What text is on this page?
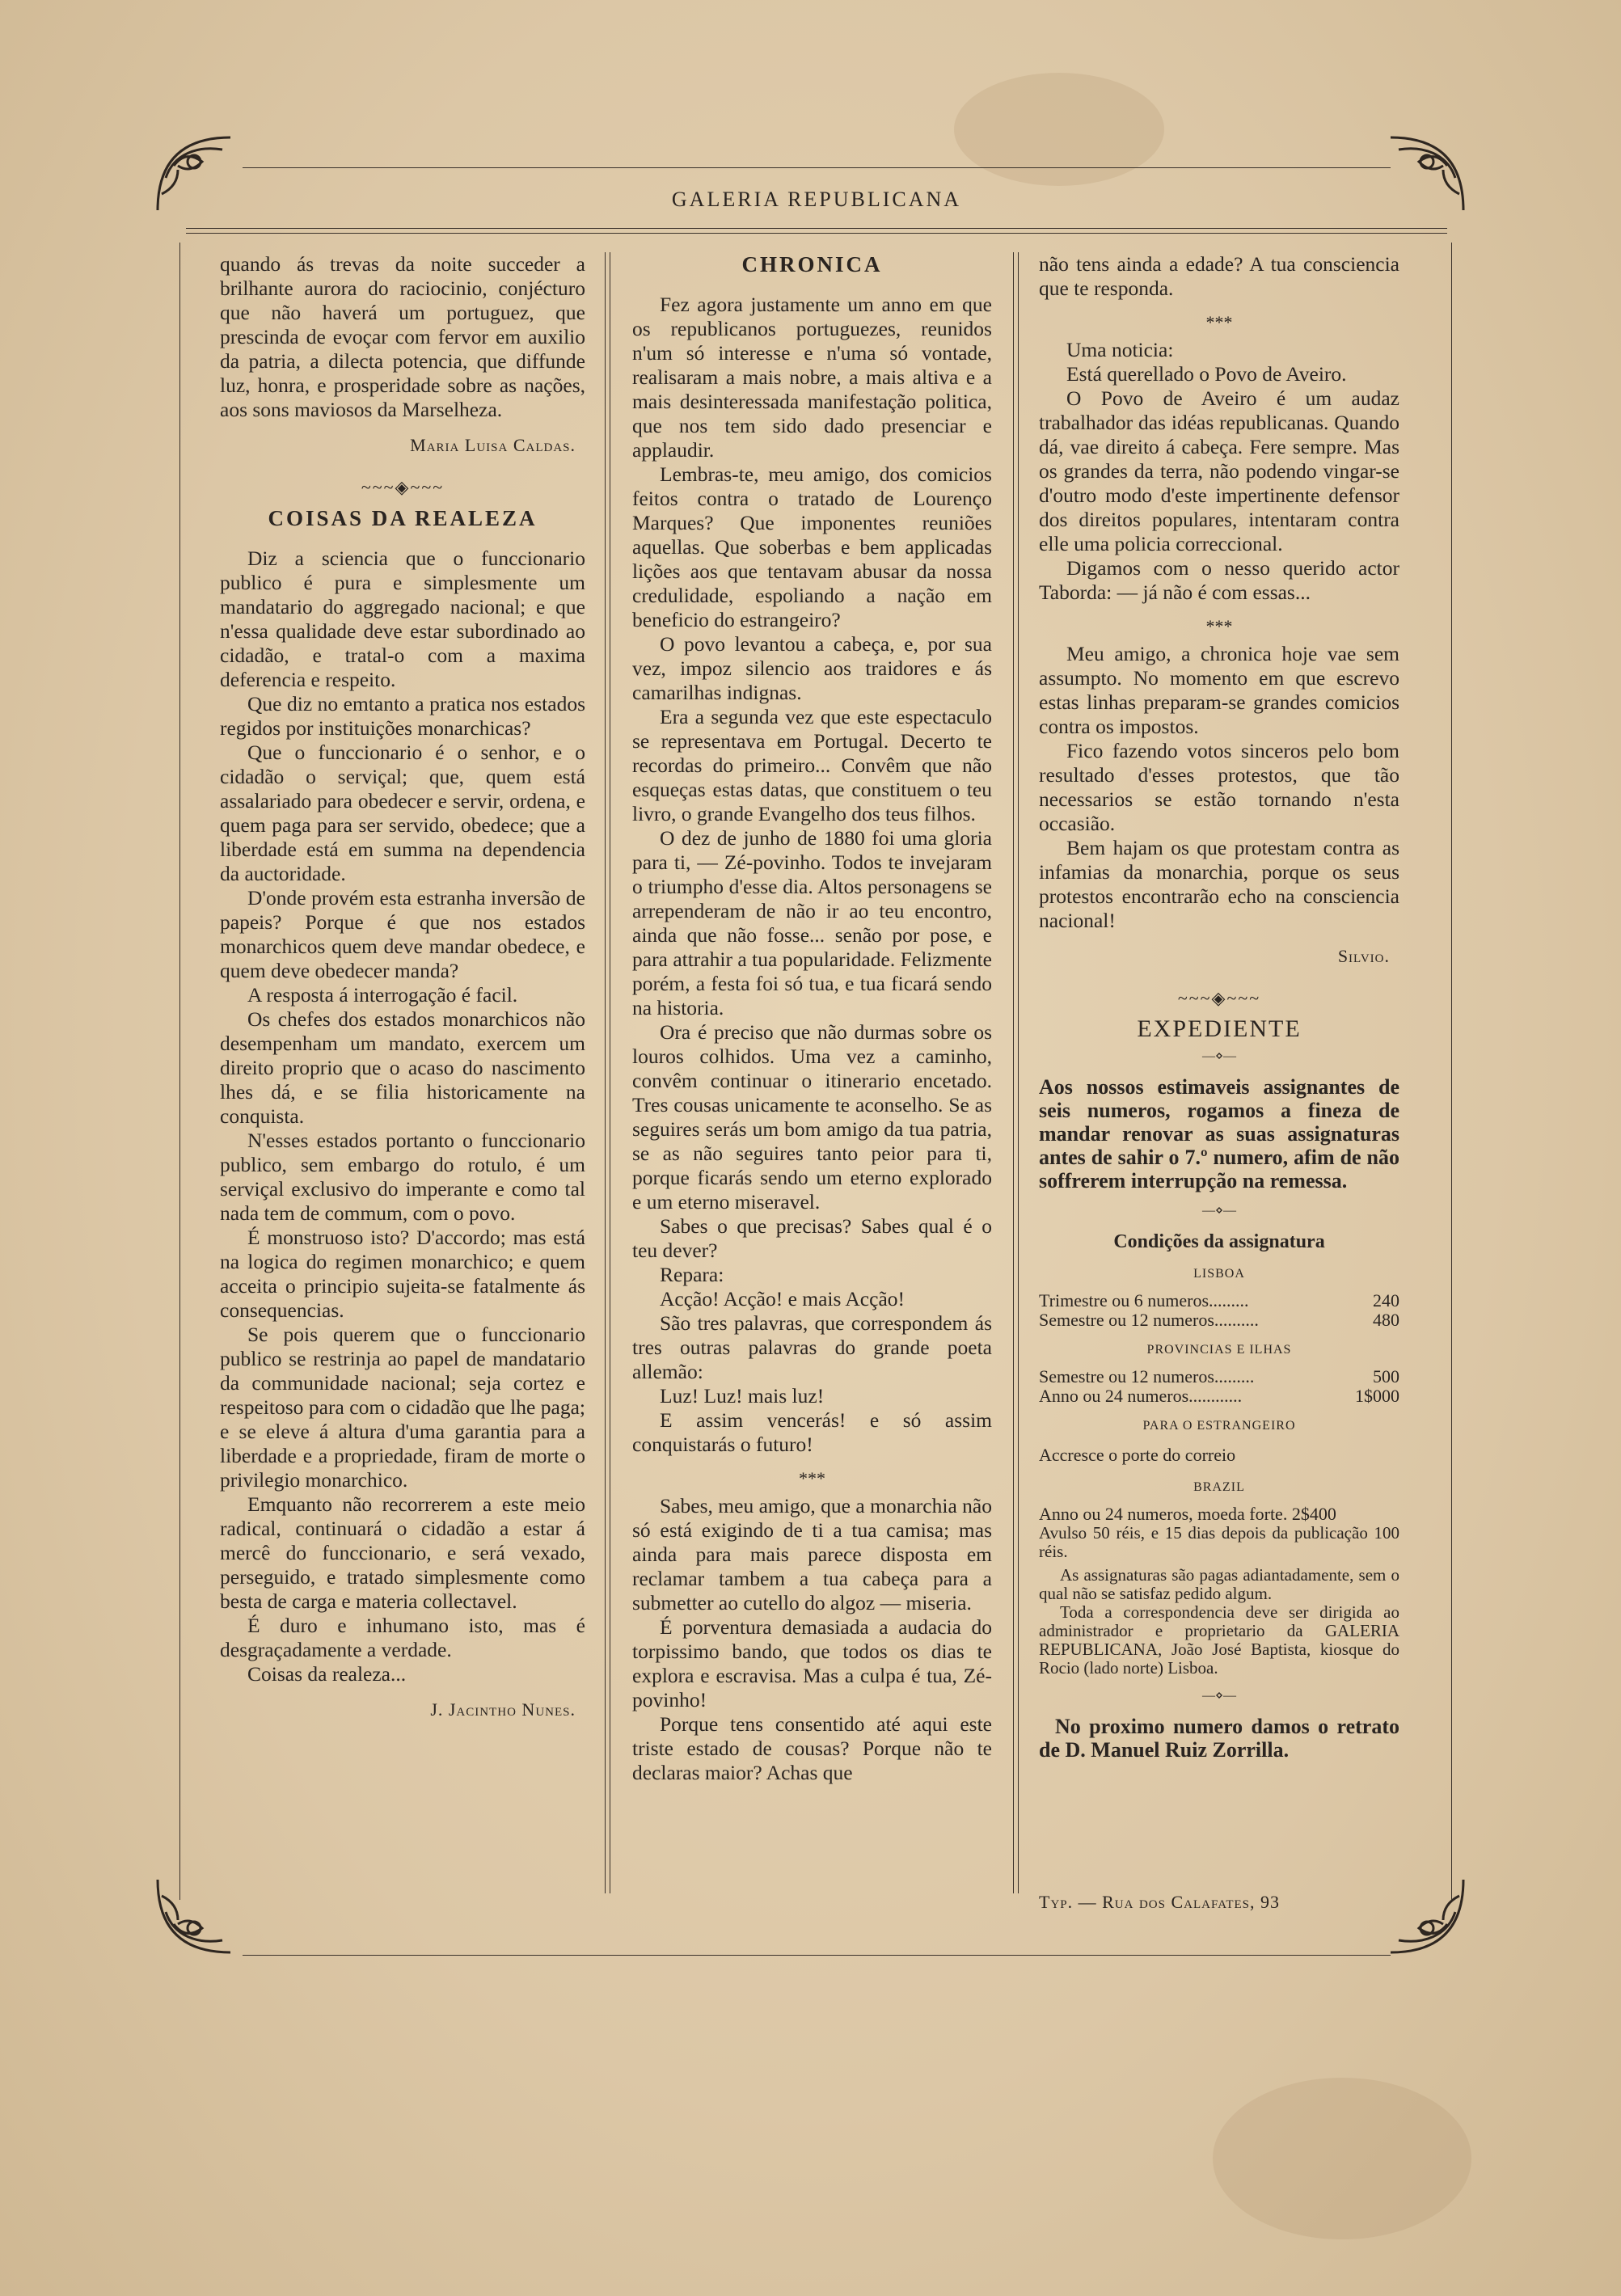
GALERIA REPUBLICANA

quando ás trevas da noite succeder a brilhante aurora do raciocinio, conjécturo que não haverá um portuguez, que prescinda de evoçar com fervor em auxilio da patria, a dilecta potencia, que diffunde luz, honra, e prosperidade sobre as nações, aos sons maviosos da Marselheza.

Maria Luisa Caldas.
~~~◈~~~
COISAS DA REALEZA

Diz a sciencia que o funccionario publico é pura e simplesmente um mandatario do aggregado nacional; e que n'essa qualidade deve estar subordinado ao cidadão, e tratal-o com a maxima deferencia e respeito.

Que diz no emtanto a pratica nos estados regidos por instituições monarchicas?

Que o funccionario é o senhor, e o cidadão o serviçal; que, quem está assalariado para obedecer e servir, ordena, e quem paga para ser servido, obedece; que a liberdade está em summa na dependencia da auctoridade.

D'onde provém esta estranha inversão de papeis? Porque é que nos estados monarchicos quem deve mandar obedece, e quem deve obedecer manda?

A resposta á interrogação é facil.

Os chefes dos estados monarchicos não desempenham um mandato, exercem um direito proprio que o acaso do nascimento lhes dá, e se filia historicamente na conquista.

N'esses estados portanto o funccionario publico, sem embargo do rotulo, é um serviçal exclusivo do imperante e como tal nada tem de commum, com o povo.

É monstruoso isto? D'accordo; mas está na logica do regimen monarchico; e quem acceita o principio sujeita-se fatalmente ás consequencias.

Se pois querem que o funccionario publico se restrinja ao papel de mandatario da communidade nacional; seja cortez e respeitoso para com o cidadão que lhe paga; e se eleve á altura d'uma garantia para a liberdade e a propriedade, firam de morte o privilegio monarchico.

Emquanto não recorrerem a este meio radical, continuará o cidadão a estar á mercê do funccionario, e será vexado, perseguido, e tratado simplesmente como besta de carga e materia collectavel.

É duro e inhumano isto, mas é desgraçadamente a verdade.

Coisas da realeza...

J. Jacintho Nunes.
CHRONICA

Fez agora justamente um anno em que os republicanos portuguezes, reunidos n'um só interesse e n'uma só vontade, realisaram a mais nobre, a mais altiva e a mais desinteressada manifestação politica, que nos tem sido dado presenciar e applaudir.

Lembras-te, meu amigo, dos comicios feitos contra o tratado de Lourenço Marques? Que imponentes reuniões aquellas. Que soberbas e bem applicadas lições aos que tentavam abusar da nossa credulidade, espoliando a nação em beneficio do estrangeiro?

O povo levantou a cabeça, e, por sua vez, impoz silencio aos traidores e ás camarilhas indignas.

Era a segunda vez que este espectaculo se representava em Portugal. Decerto te recordas do primeiro... Convêm que não esqueças estas datas, que constituem o teu livro, o grande Evangelho dos teus filhos.

O dez de junho de 1880 foi uma gloria para ti, — Zé-povinho. Todos te invejaram o triumpho d'esse dia. Altos personagens se arrependeram de não ir ao teu encontro, ainda que não fosse... senão por pose, e para attrahir a tua popularidade. Felizmente porém, a festa foi só tua, e tua ficará sendo na historia.

Ora é preciso que não durmas sobre os louros colhidos. Uma vez a caminho, convêm continuar o itinerario encetado. Tres cousas unicamente te aconselho. Se as seguires serás um bom amigo da tua patria, se as não seguires tanto peior para ti, porque ficarás sendo um eterno explorado e um eterno miseravel.

Sabes o que precisas? Sabes qual é o teu dever?

Repara:

Acção! Acção! e mais Acção!

São tres palavras, que correspondem ás tres outras palavras do grande poeta allemão:

Luz! Luz! mais luz!

E assim vencerás! e só assim conquistarás o futuro!

***

Sabes, meu amigo, que a monarchia não só está exigindo de ti a tua camisa; mas ainda para mais parece disposta em reclamar tambem a tua cabeça para a submetter ao cutello do algoz — miseria.

É porventura demasiada a audacia do torpissimo bando, que todos os dias te explora e escravisa. Mas a culpa é tua, Zé-povinho!

Porque tens consentido até aqui este triste estado de cousas? Porque não te declaras maior? Achas que

não tens ainda a edade? A tua consciencia que te responda.

***

Uma noticia:

Está querellado o Povo de Aveiro.

O Povo de Aveiro é um audaz trabalhador das idéas republicanas. Quando dá, vae direito á cabeça. Fere sempre. Mas os grandes da terra, não podendo vingar-se d'outro modo d'este impertinente defensor dos direitos populares, intentaram contra elle uma policia correccional.

Digamos com o nesso querido actor Taborda: — já não é com essas...

***

Meu amigo, a chronica hoje vae sem assumpto. No momento em que escrevo estas linhas preparam-se grandes comicios contra os impostos.

Fico fazendo votos sinceros pelo bom resultado d'esses protestos, que tão necessarios se estão tornando n'esta occasião.

Bem hajam os que protestam contra as infamias da monarchia, porque os seus protestos encontrarão echo na consciencia nacional!

Silvio.
~~~◈~~~
EXPEDIENTE
—⋄—
Aos nossos estimaveis assignantes de seis numeros, rogamos a fineza de mandar renovar as suas assignaturas antes de sahir o 7.º numero, afim de não soffrerem interrupção na remessa.
—⋄—
Condições da assignatura
LISBOA
Trimestre ou 6 numeros.........	240
Semestre ou 12 numeros..........	480
PROVINCIAS E ILHAS
Semestre ou 12 numeros.........	500
Anno ou 24 numeros............	1$000
PARA O ESTRANGEIRO
Accresce o porte do correio
BRAZIL
Anno ou 24 numeros, moeda forte. 2$400
Avulso 50 réis, e 15 dias depois da publicação 100 réis.
As assignaturas são pagas adiantadamente, sem o qual não se satisfaz pedido algum.
Toda a correspondencia deve ser dirigida ao administrador e proprietario da GALERIA REPUBLICANA, João José Baptista, kiosque do Rocio (lado norte) Lisboa.
—⋄—
No proximo numero damos o retrato de D. Manuel Ruiz Zorrilla.
Typ. — Rua dos Calafates, 93
